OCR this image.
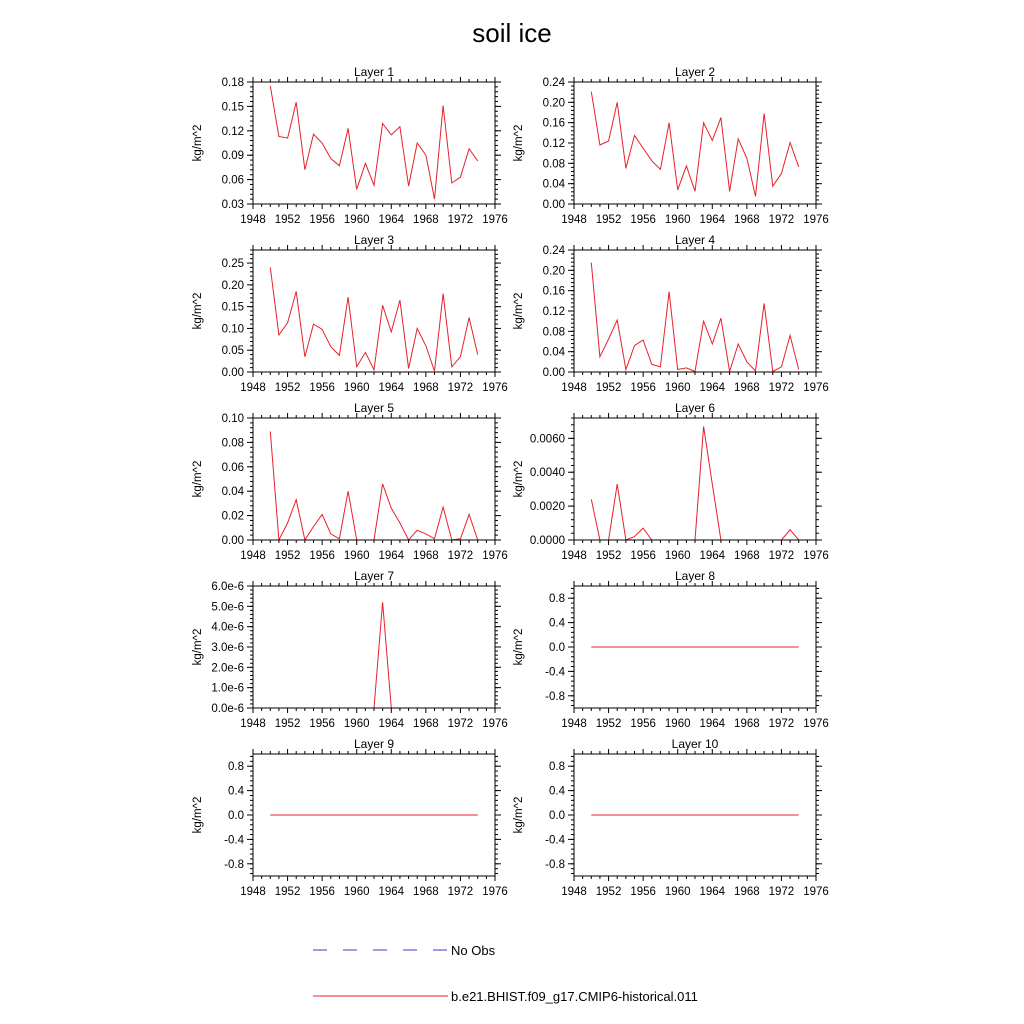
soil ice
Layer 1
kg/m^2
1948 1952 1956 1960 1964 1968 1972 1976
0.03
0.06
0.09
0.12
0.15
0.18
Layer 2
kg/m^2
1948 1952 1956 1960 1964 1968 1972 1976
0.00
0.04
0.08
0.12
0.16
0.20
0.24
Layer 3
kg/m^2
1948 1952 1956 1960 1964 1968 1972 1976
0.00
0.05
0.10
0.15
0.20
0.25
Layer 4
kg/m^2
1948 1952 1956 1960 1964 1968 1972 1976
0.00
0.04
0.08
0.12
0.16
0.20
0.24
Layer 5
kg/m^2
1948 1952 1956 1960 1964 1968 1972 1976
0.00
0.02
0.04
0.06
0.08
0.10
Layer 6
kg/m^2
1948 1952 1956 1960 1964 1968 1972 1976
0.0000
0.0020
0.0040
0.0060
Layer 7
kg/m^2
1948 1952 1956 1960 1964 1968 1972 1976
0.0e-6
1.0e-6
2.0e-6
3.0e-6
4.0e-6
5.0e-6
6.0e-6
Layer 8
kg/m^2
1948 1952 1956 1960 1964 1968 1972 1976
-0.8
-0.4
0.0
0.4
0.8
Layer 9
kg/m^2
1948 1952 1956 1960 1964 1968 1972 1976
-0.8
-0.4
0.0
0.4
0.8
Layer 10
kg/m^2
1948 1952 1956 1960 1964 1968 1972 1976
-0.8
-0.4
0.0
0.4
0.8
No Obs
b.e21.BHIST.f09_g17.CMIP6-historical.011
